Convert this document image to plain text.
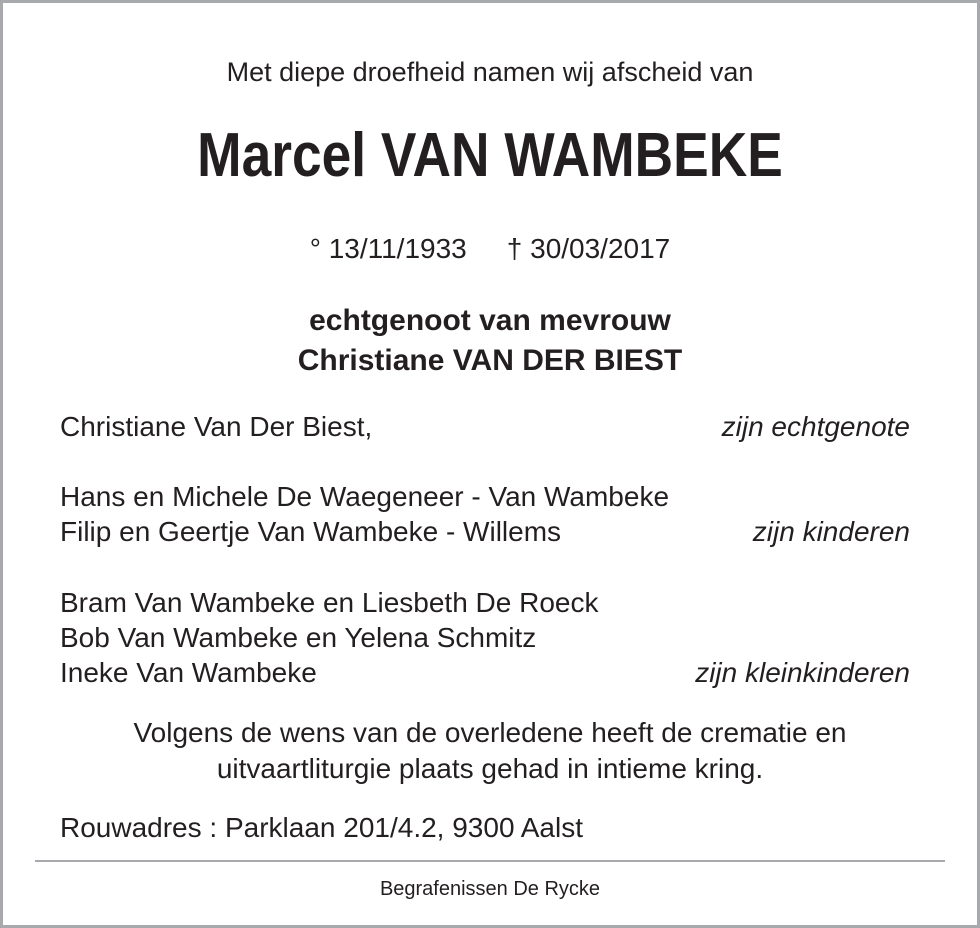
Met diepe droefheid namen wij afscheid van
Marcel VAN WAMBEKE
° 13/11/1933 † 30/03/2017
echtgenoot van mevrouw
Christiane VAN DER BIEST
Christiane Van Der Biest,	zijn echtgenote
Hans en Michele De Waegeneer - Van Wambeke
Filip en Geertje Van Wambeke - Willems	zijn kinderen
Bram Van Wambeke en Liesbeth De Roeck
Bob Van Wambeke en Yelena Schmitz
Ineke Van Wambeke	zijn kleinkinderen
Volgens de wens van de overledene heeft de crematie en
uitvaartliturgie plaats gehad in intieme kring.
Rouwadres : Parklaan 201/4.2, 9300 Aalst
Begrafenissen De Rycke
